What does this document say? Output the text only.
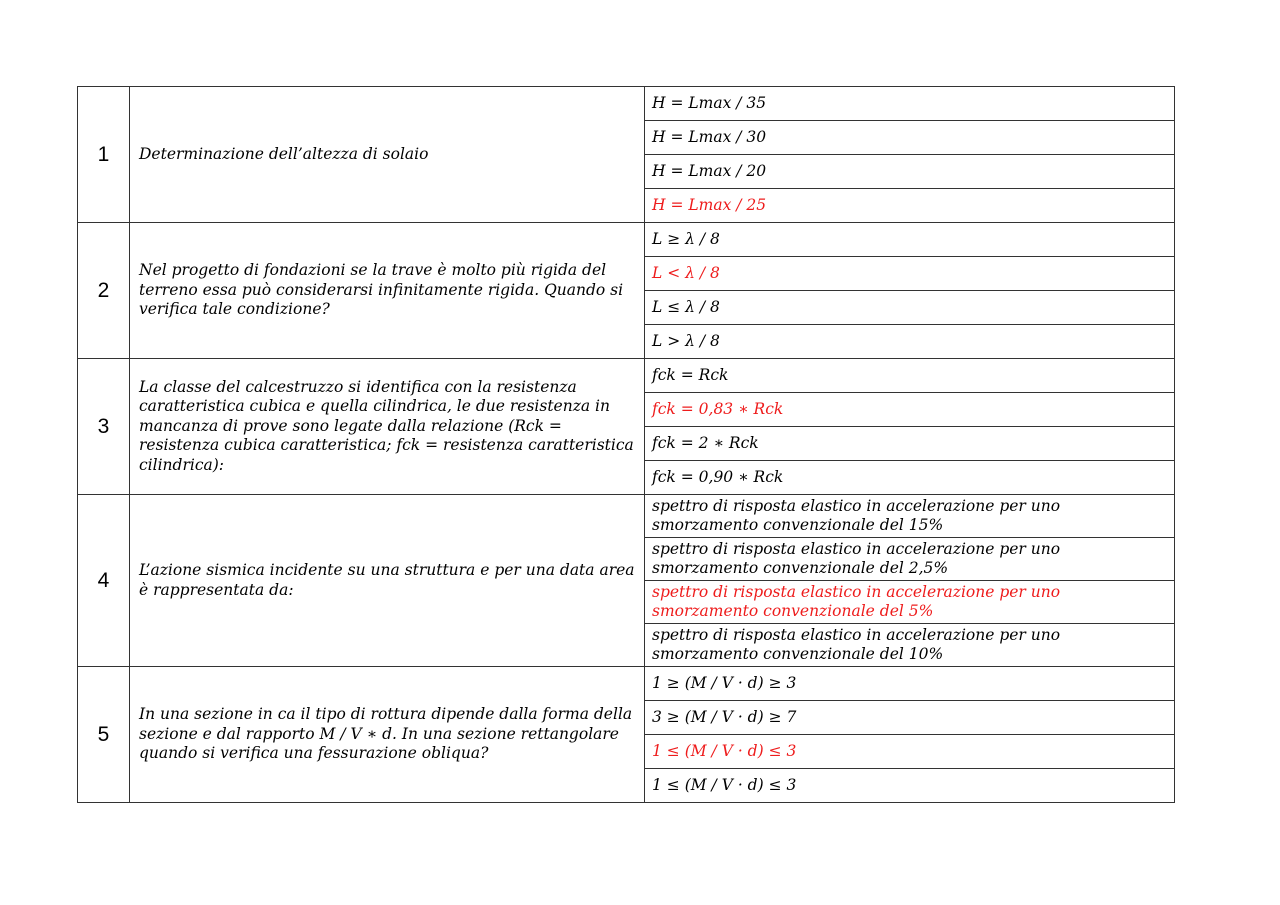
1	Determinazione dell’altezza di solaio	H = Lmax / 35
		H = Lmax / 30
		H = Lmax / 20
		H = Lmax / 25
2	Nel progetto di fondazioni se la trave è molto più rigida del terreno essa può considerarsi infinitamente rigida. Quando si verifica tale condizione?	L ≥ λ / 8
		L < λ / 8
		L ≤ λ / 8
		L > λ / 8
3	La classe del calcestruzzo si identifica con la resistenza caratteristica cubica e quella cilindrica, le due resistenza in mancanza di prove sono legate dalla relazione (Rck = resistenza cubica caratteristica; fck = resistenza caratteristica cilindrica):	fck = Rck
		fck = 0,83 ∗ Rck
		fck = 2 ∗ Rck
		fck = 0,90 ∗ Rck
4	L’azione sismica incidente su una struttura e per una data area è rappresentata da:	spettro di risposta elastico in accelerazione per uno smorzamento convenzionale del 15%
		spettro di risposta elastico in accelerazione per uno smorzamento convenzionale del 2,5%
		spettro di risposta elastico in accelerazione per uno smorzamento convenzionale del 5%
		spettro di risposta elastico in accelerazione per uno smorzamento convenzionale del 10%
5	In una sezione in ca il tipo di rottura dipende dalla forma della sezione e dal rapporto M / V ∗ d. In una sezione rettangolare quando si verifica una fessurazione obliqua?	1 ≥ (M / V · d) ≥ 3
		3 ≥ (M / V · d) ≥ 7
		1 ≤ (M / V · d) ≤ 3
		1 ≤ (M / V · d) ≤ 3
